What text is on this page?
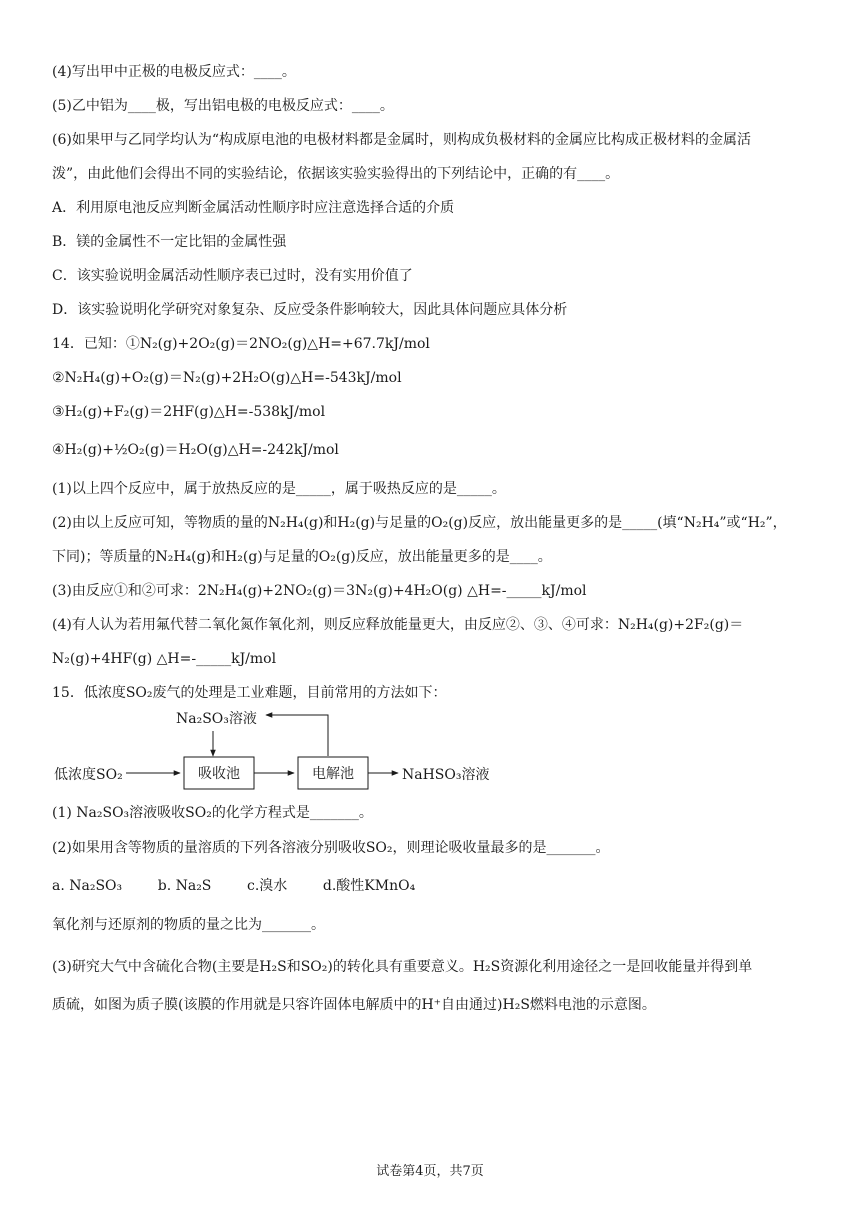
(4)写出甲中正极的电极反应式：____。
(5)乙中铝为____极，写出铝电极的电极反应式：____。
(6)如果甲与乙同学均认为“构成原电池的电极材料都是金属时，则构成负极材料的金属应比构成正极材料的金属活
泼”，由此他们会得出不同的实验结论，依据该实验实验得出的下列结论中，正确的有____。
A．利用原电池反应判断金属活动性顺序时应注意选择合适的介质
B．镁的金属性不一定比铝的金属性强
C．该实验说明金属活动性顺序表已过时，没有实用价值了
D．该实验说明化学研究对象复杂、反应受条件影响较大，因此具体问题应具体分析
14．已知：①N₂(g)+2O₂(g)＝2NO₂(g)△H=+67.7kJ/mol
②N₂H₄(g)+O₂(g)＝N₂(g)+2H₂O(g)△H=-543kJ/mol
③H₂(g)+F₂(g)＝2HF(g)△H=-538kJ/mol
④H₂(g)+½O₂(g)＝H₂O(g)△H=-242kJ/mol
(1)以上四个反应中，属于放热反应的是_____，属于吸热反应的是_____。
(2)由以上反应可知，等物质的量的N₂H₄(g)和H₂(g)与足量的O₂(g)反应，放出能量更多的是_____(填“N₂H₄”或“H₂”，
下同)；等质量的N₂H₄(g)和H₂(g)与足量的O₂(g)反应，放出能量更多的是____。
(3)由反应①和②可求：2N₂H₄(g)+2NO₂(g)＝3N₂(g)+4H₂O(g) △H=-_____kJ/mol
(4)有人认为若用氟代替二氧化氮作氧化剂，则反应释放能量更大，由反应②、③、④可求：N₂H₄(g)+2F₂(g)＝
N₂(g)+4HF(g) △H=-_____kJ/mol
15．低浓度SO₂废气的处理是工业难题，目前常用的方法如下：
Na₂SO₃溶液
低浓度SO₂	吸收池	电解池	NaHSO₃溶液
(1) Na₂SO₃溶液吸收SO₂的化学方程式是_______。
(2)如果用含等物质的量溶质的下列各溶液分别吸收SO₂，则理论吸收量最多的是_______。
a. Na₂SO₃        b. Na₂S        c.溴水        d.酸性KMnO₄
氧化剂与还原剂的物质的量之比为_______。
(3)研究大气中含硫化合物(主要是H₂S和SO₂)的转化具有重要意义。H₂S资源化利用途径之一是回收能量并得到单
质硫，如图为质子膜(该膜的作用就是只容许固体电解质中的H⁺自由通过)H₂S燃料电池的示意图。
试卷第4页，共7页
